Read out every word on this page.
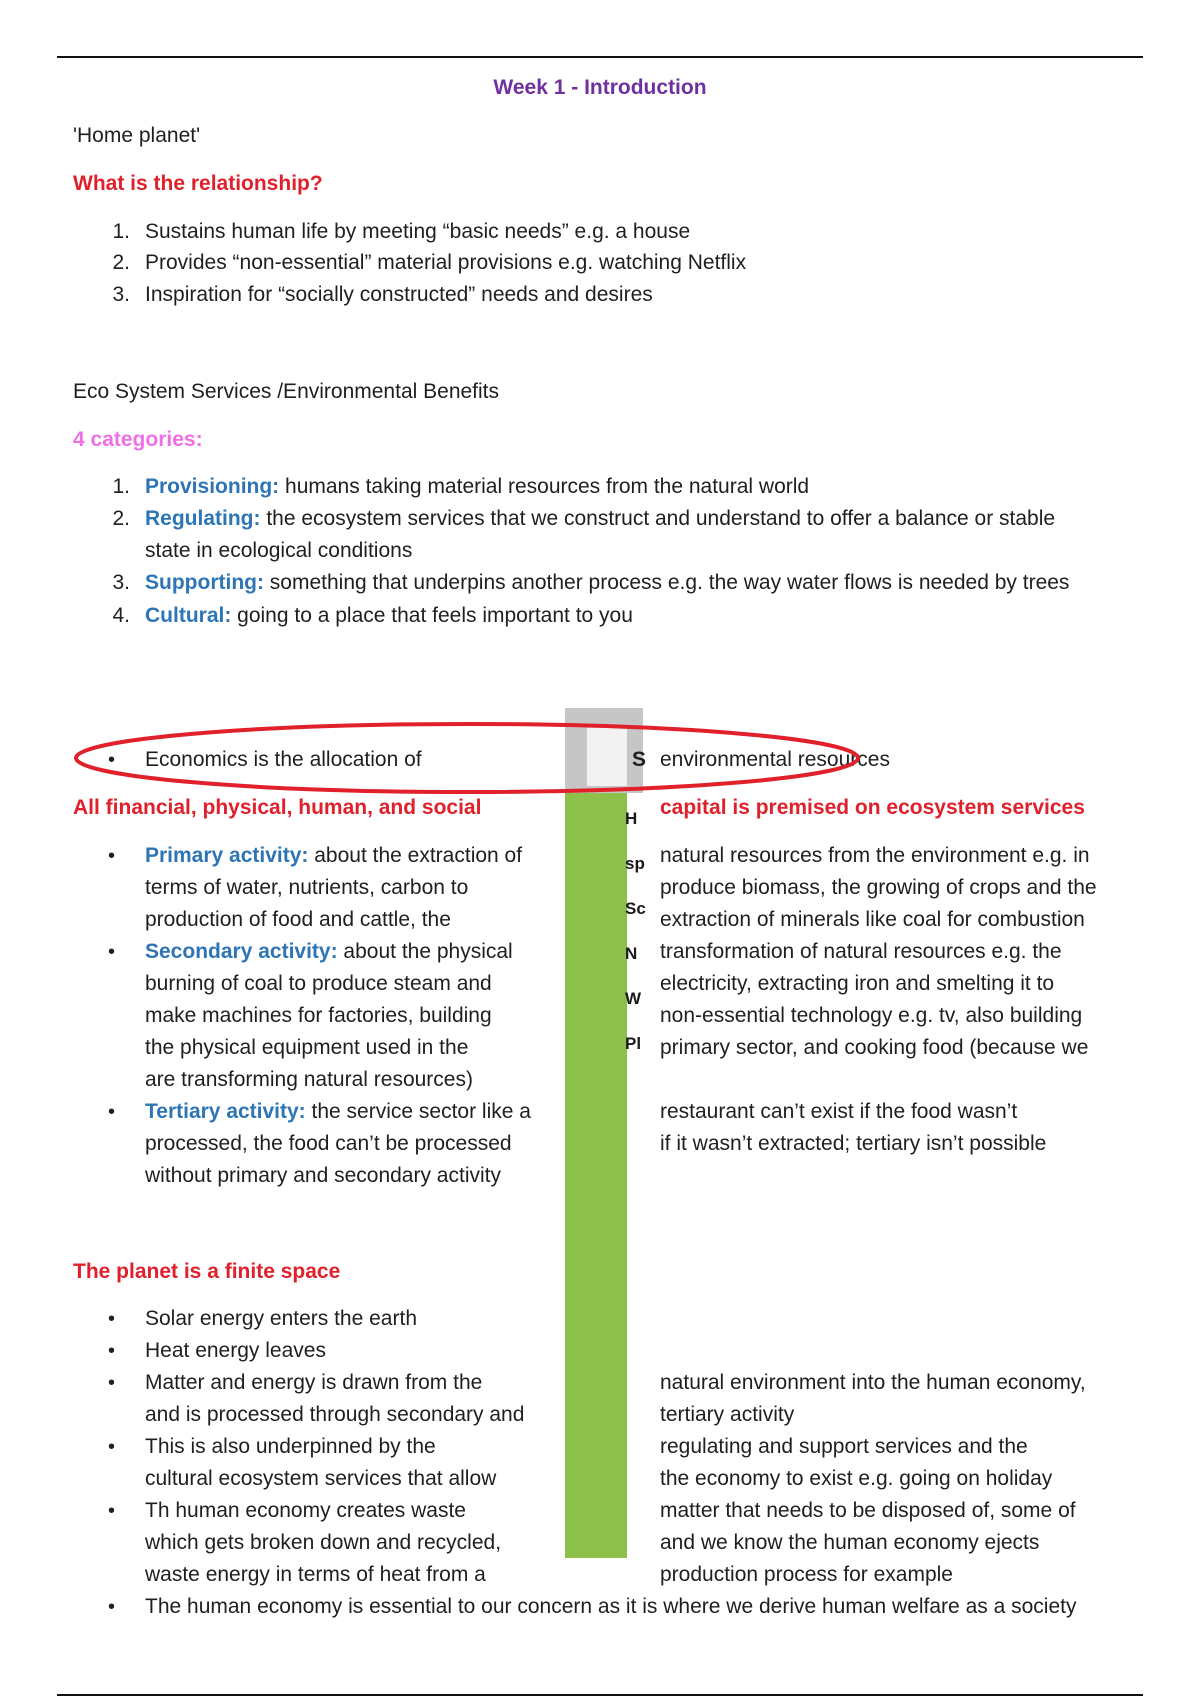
Week 1 - Introduction
'Home planet'
What is the relationship?
1. Sustains human life by meeting “basic needs” e.g. a house
2. Provides “non-essential” material provisions e.g. watching Netflix
3. Inspiration for “socially constructed” needs and desires
Eco System Services /Environmental Benefits
4 categories:
1. Provisioning: humans taking material resources from the natural world
2. Regulating: the ecosystem services that we construct and understand to offer a balance or stable
state in ecological conditions
3. Supporting: something that underpins another process e.g. the way water flows is needed by trees
4. Cultural: going to a place that feels important to you
H
sp
Sc
N
W
Pl
• Economics is the allocation of	S environmental resources
All financial, physical, human, and social	capital is premised on ecosystem services
• Primary activity: about the extraction of
terms of water, nutrients, carbon to
production of food and cattle, the
natural resources from the environment e.g. in
produce biomass, the growing of crops and the
extraction of minerals like coal for combustion
• Secondary activity: about the physical
burning of coal to produce steam and
make machines for factories, building
the physical equipment used in the
are transforming natural resources)
transformation of natural resources e.g. the
electricity, extracting iron and smelting it to
non-essential technology e.g. tv, also building
primary sector, and cooking food (because we
• Tertiary activity: the service sector like a
processed, the food can’t be processed
without primary and secondary activity
restaurant can’t exist if the food wasn’t
if it wasn’t extracted; tertiary isn’t possible
The planet is a finite space
• Solar energy enters the earth
• Heat energy leaves
• Matter and energy is drawn from the
and is processed through secondary and
natural environment into the human economy,
tertiary activity
• This is also underpinned by the
cultural ecosystem services that allow
regulating and support services and the
the economy to exist e.g. going on holiday
• Th human economy creates waste
which gets broken down and recycled,
waste energy in terms of heat from a
matter that needs to be disposed of, some of
and we know the human economy ejects
production process for example
• The human economy is essential to our concern as it is where we derive human welfare as a society
